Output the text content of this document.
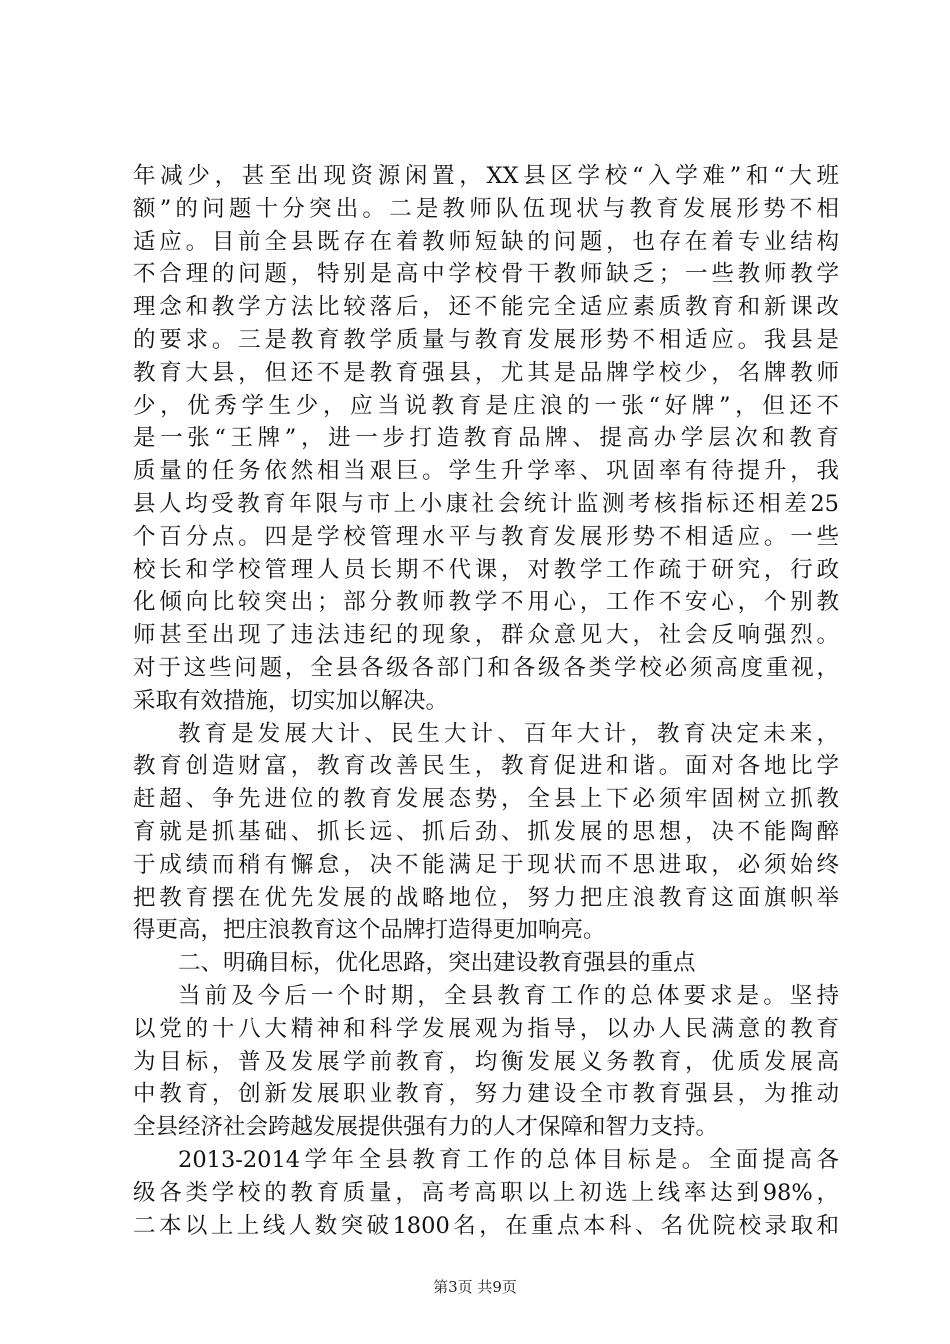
年减少，甚至出现资源闲置，XX县区学校“入学难”和“大班
额”的问题十分突出。二是教师队伍现状与教育发展形势不相
适应。目前全县既存在着教师短缺的问题，也存在着专业结构
不合理的问题，特别是高中学校骨干教师缺乏；一些教师教学
理念和教学方法比较落后，还不能完全适应素质教育和新课改
的要求。三是教育教学质量与教育发展形势不相适应。我县是
教育大县，但还不是教育强县，尤其是品牌学校少，名牌教师
少，优秀学生少，应当说教育是庄浪的一张“好牌”，但还不
是一张“王牌”，进一步打造教育品牌、提高办学层次和教育
质量的任务依然相当艰巨。学生升学率、巩固率有待提升，我
县人均受教育年限与市上小康社会统计监测考核指标还相差25
个百分点。四是学校管理水平与教育发展形势不相适应。一些
校长和学校管理人员长期不代课，对教学工作疏于研究，行政
化倾向比较突出；部分教师教学不用心，工作不安心，个别教
师甚至出现了违法违纪的现象，群众意见大，社会反响强烈。
对于这些问题，全县各级各部门和各级各类学校必须高度重视，
采取有效措施，切实加以解决。
教育是发展大计、民生大计、百年大计，教育决定未来，
教育创造财富，教育改善民生，教育促进和谐。面对各地比学
赶超、争先进位的教育发展态势，全县上下必须牢固树立抓教
育就是抓基础、抓长远、抓后劲、抓发展的思想，决不能陶醉
于成绩而稍有懈怠，决不能满足于现状而不思进取，必须始终
把教育摆在优先发展的战略地位，努力把庄浪教育这面旗帜举
得更高，把庄浪教育这个品牌打造得更加响亮。
二、明确目标，优化思路，突出建设教育强县的重点
当前及今后一个时期，全县教育工作的总体要求是。坚持
以党的十八大精神和科学发展观为指导，以办人民满意的教育
为目标，普及发展学前教育，均衡发展义务教育，优质发展高
中教育，创新发展职业教育，努力建设全市教育强县，为推动
全县经济社会跨越发展提供强有力的人才保障和智力支持。
2013-2014学年全县教育工作的总体目标是。全面提高各
级各类学校的教育质量，高考高职以上初选上线率达到98%，
二本以上上线人数突破1800名，在重点本科、名优院校录取和
第3页 共9页
